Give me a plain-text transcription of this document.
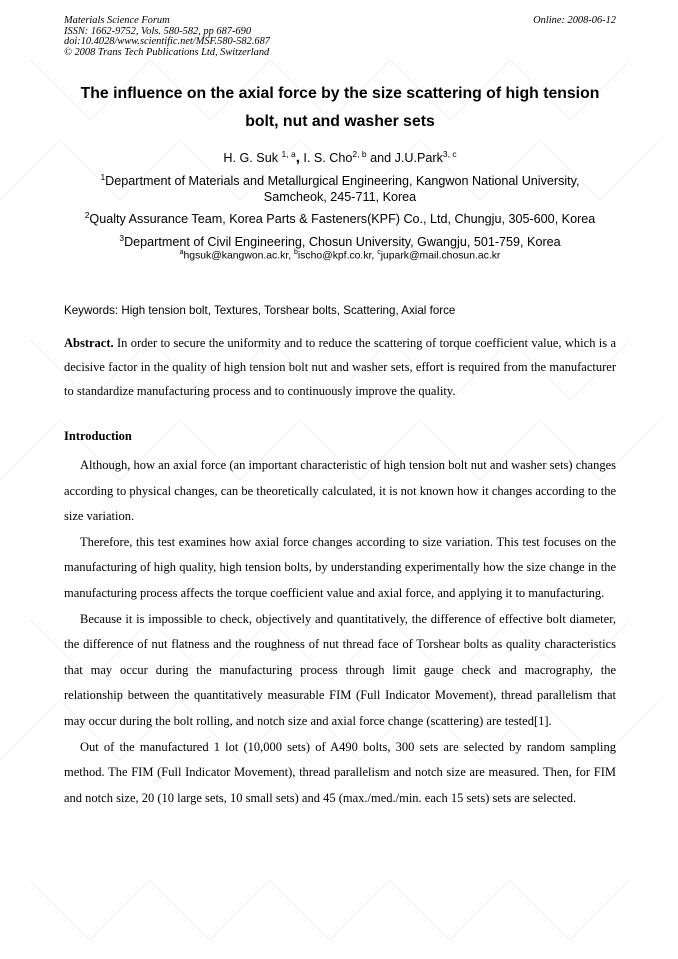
Materials Science Forum
ISSN: 1662-9752, Vols. 580-582, pp 687-690
doi:10.4028/www.scientific.net/MSF.580-582.687
© 2008 Trans Tech Publications Ltd, Switzerland
Online: 2008-06-12
The influence on the axial force by the size scattering of high tension
bolt, nut and washer sets
H. G. Suk $^{1, a}$, I. S. Cho$^{2, b}$ and J.U.Park$^{3, c}$
$^1$Department of Materials and Metallurgical Engineering, Kangwon National University,
Samcheok, 245-711, Korea
$^2$Qualty Assurance Team, Korea Parts & Fasteners(KPF) Co., Ltd, Chungju, 305-600, Korea
$^3$Department of Civil Engineering, Chosun University, Gwangju, 501-759, Korea
$^a$hgsuk@kangwon.ac.kr, $^b$ischo@kpf.co.kr, $^c$jupark@mail.chosun.ac.kr
Keywords: High tension bolt, Textures, Torshear bolts, Scattering, Axial force
Abstract. In order to secure the uniformity and to reduce the scattering of torque coefficient value, which is a decisive factor in the quality of high tension bolt nut and washer sets, effort is required from the manufacturer to standardize manufacturing process and to continuously improve the quality.
Introduction

Although, how an axial force (an important characteristic of high tension bolt nut and washer sets) changes according to physical changes, can be theoretically calculated, it is not known how it changes according to the size variation.

Therefore, this test examines how axial force changes according to size variation. This test focuses on the manufacturing of high quality, high tension bolts, by understanding experimentally how the size change in the manufacturing process affects the torque coefficient value and axial force, and applying it to manufacturing.

Because it is impossible to check, objectively and quantitatively, the difference of effective bolt diameter, the difference of nut flatness and the roughness of nut thread face of Torshear bolts as quality characteristics that may occur during the manufacturing process through limit gauge check and macrography, the relationship between the quantitatively measurable FIM (Full Indicator Movement), thread parallelism that may occur during the bolt rolling, and notch size and axial force change (scattering) are tested[1].

Out of the manufactured 1 lot (10,000 sets) of A490 bolts, 300 sets are selected by random sampling method. The FIM (Full Indicator Movement), thread parallelism and notch size are measured. Then, for FIM and notch size, 20 (10 large sets, 10 small sets) and 45 (max./med./min. each 15 sets) sets are selected.
